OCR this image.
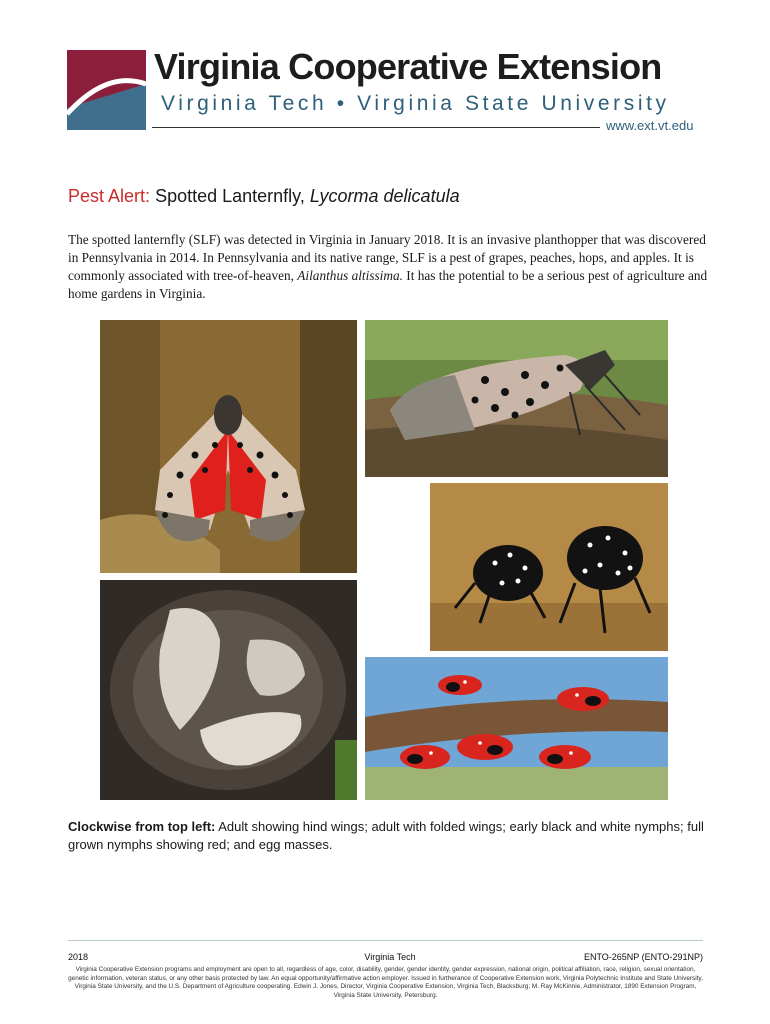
Virginia Cooperative Extension
Virginia Tech • Virginia State University
www.ext.vt.edu
Pest Alert: Spotted Lanternfly, Lycorma delicatula
The spotted lanternfly (SLF) was detected in Virginia in January 2018. It is an invasive planthopper that was discovered in Pennsylvania in 2014. In Pennsylvania and its native range, SLF is a pest of grapes, peaches, hops, and apples. It is commonly associated with tree-of-heaven, Ailanthus altissima. It has the potential to be a serious pest of agriculture and home gardens in Virginia.
Clockwise from top left: Adult showing hind wings; adult with folded wings; early black and white nymphs; full grown nymphs showing red; and egg masses.
2018	Virginia Tech	ENTO-265NP (ENTO-291NP)
Virginia Cooperative Extension programs and employment are open to all, regardless of age, color, disability, gender, gender identity, gender expression, national origin, political affiliation, race, religion, sexual orientation, genetic information, veteran status, or any other basis protected by law. An equal opportunity/affirmative action employer. Issued in furtherance of Cooperative Extension work, Virginia Polytechnic Institute and State University, Virginia State University, and the U.S. Department of Agriculture cooperating. Edwin J. Jones, Director, Virginia Cooperative Extension, Virginia Tech, Blacksburg; M. Ray McKinnie, Administrator, 1890 Extension Program, Virginia State University, Petersburg.
